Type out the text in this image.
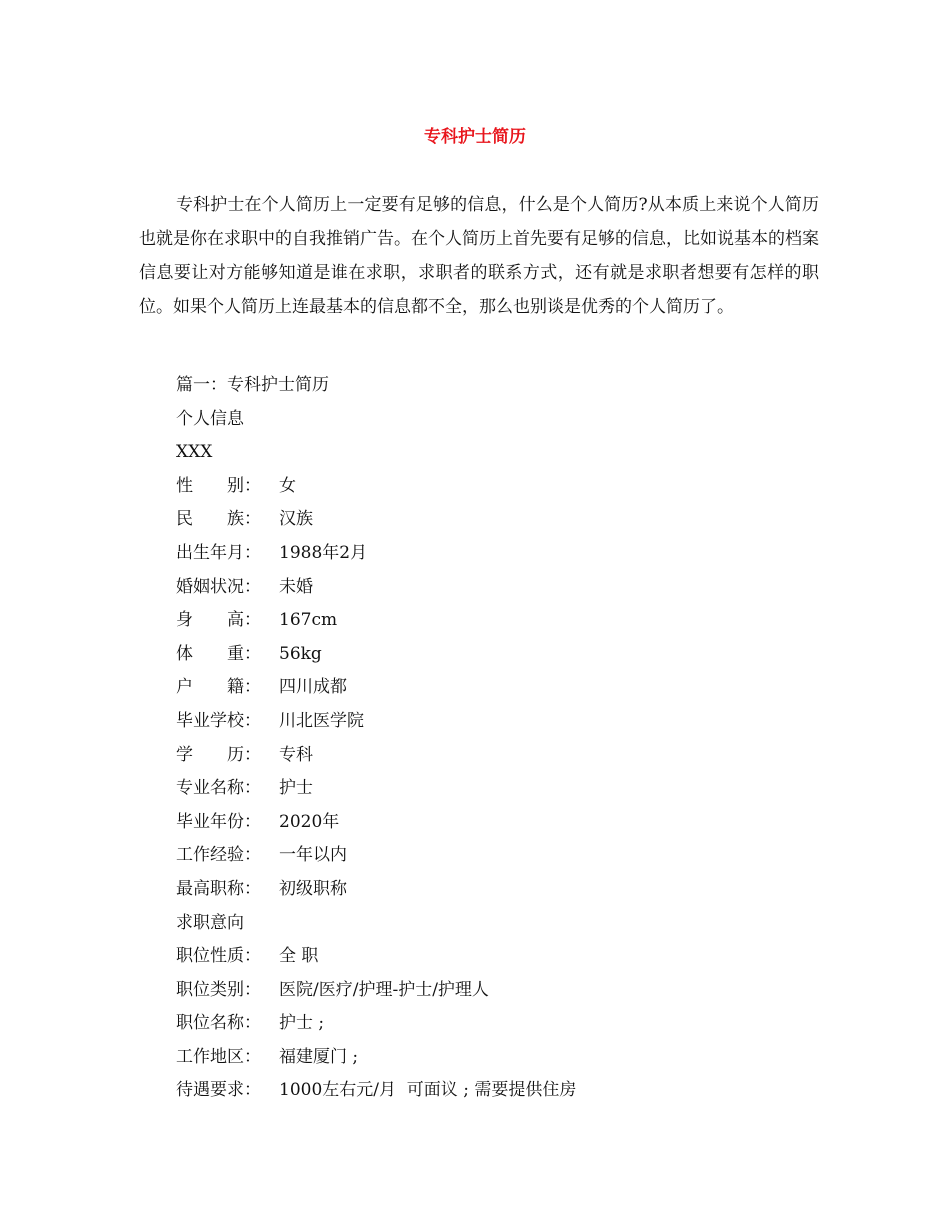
专科护士简历

专科护士在个人简历上一定要有足够的信息，什么是个人简历?从本质上来说个人简历也就是你在求职中的自我推销广告。在个人简历上首先要有足够的信息，比如说基本的档案信息要让对方能够知道是谁在求职，求职者的联系方式，还有就是求职者想要有怎样的职位。如果个人简历上连最基本的信息都不全，那么也别谈是优秀的个人简历了。

篇一：专科护士简历
个人信息
XXX
性　　别： 女
民　　族： 汉族
出生年月： 1988年2月
婚姻状况： 未婚
身　　高： 167cm
体　　重： 56kg
户　　籍： 四川成都
毕业学校： 川北医学院
学　　历： 专科
专业名称： 护士
毕业年份： 2020年
工作经验： 一年以内
最高职称： 初级职称
求职意向
职位性质： 全 职
职位类别： 医院/医疗/护理-护士/护理人
职位名称： 护士 ;
工作地区： 福建厦门 ;
待遇要求： 1000左右元/月  可面议 ; 需要提供住房
